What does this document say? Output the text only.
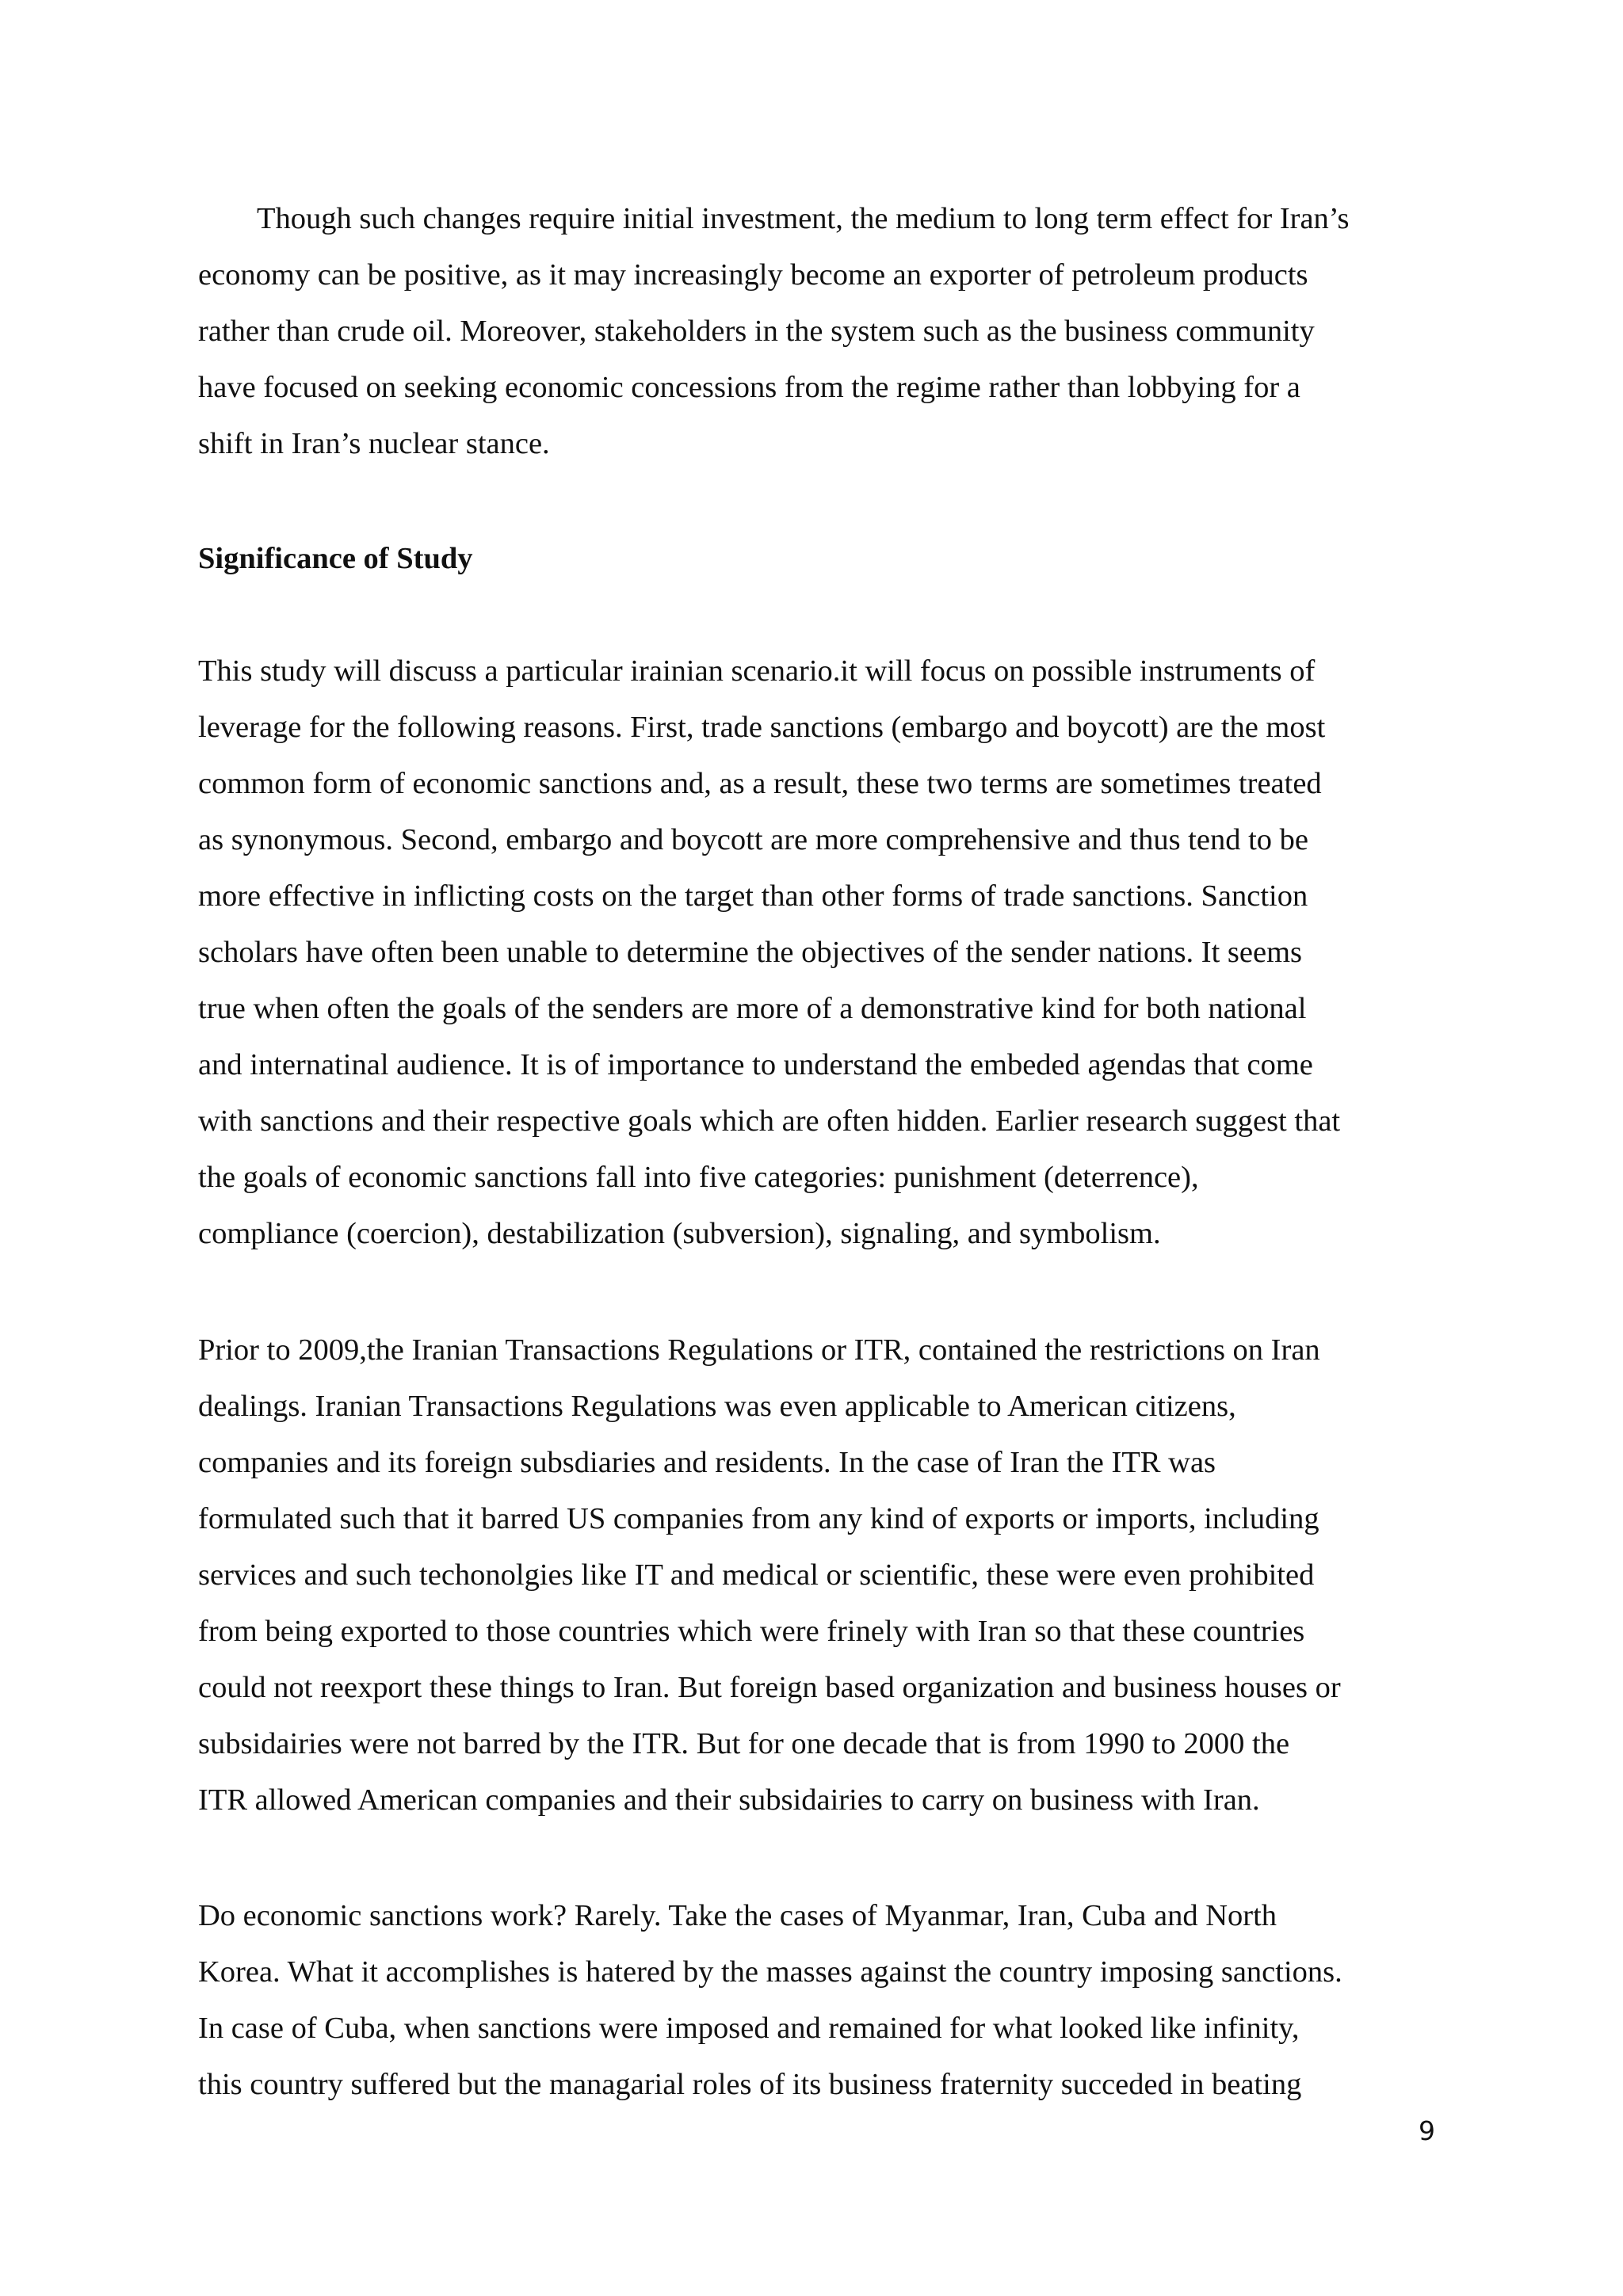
Though such changes require initial investment, the medium to long term effect for Iran’s
economy can be positive, as it may increasingly become an exporter of petroleum products
rather than crude oil. Moreover, stakeholders in the system such as the business community
have focused on seeking economic concessions from the regime rather than lobbying for a
shift in Iran’s nuclear stance.
Significance of Study
This study will discuss a particular irainian scenario.it will focus on possible instruments of
leverage for the following reasons. First, trade sanctions (embargo and boycott) are the most
common form of economic sanctions and, as a result, these two terms are sometimes treated
as synonymous. Second, embargo and boycott are more comprehensive and thus tend to be
more effective in inflicting costs on the target than other forms of trade sanctions. Sanction
scholars have often been unable to determine the objectives of the sender nations. It seems
true when often the goals of the senders are more of a demonstrative kind for both national
and internatinal audience. It is of importance to understand the embeded agendas that come
with sanctions and their respective goals which are often hidden. Earlier research suggest that
the goals of economic sanctions fall into five categories: punishment (deterrence),
compliance (coercion), destabilization (subversion), signaling, and symbolism.
Prior to 2009,the Iranian Transactions Regulations or ITR, contained the restrictions on Iran
dealings. Iranian Transactions Regulations was even applicable to American citizens,
companies and its foreign subsdiaries and residents. In the case of Iran the ITR was
formulated such that it barred US companies from any kind of exports or imports, including
services and such techonolgies like IT and medical or scientific, these were even prohibited
from being exported to those countries which were frinely with Iran so that these countries
could not reexport these things to Iran. But foreign based organization and business houses or
subsidairies were not barred by the ITR. But for one decade that is from 1990 to 2000 the
ITR allowed American companies and their subsidairies to carry on business with Iran.
Do economic sanctions work? Rarely. Take the cases of Myanmar, Iran, Cuba and North
Korea. What it accomplishes is hatered by the masses against the country imposing sanctions.
In case of Cuba, when sanctions were imposed and remained for what looked like infinity,
this country suffered but the managarial roles of its business fraternity succeded in beating
9
